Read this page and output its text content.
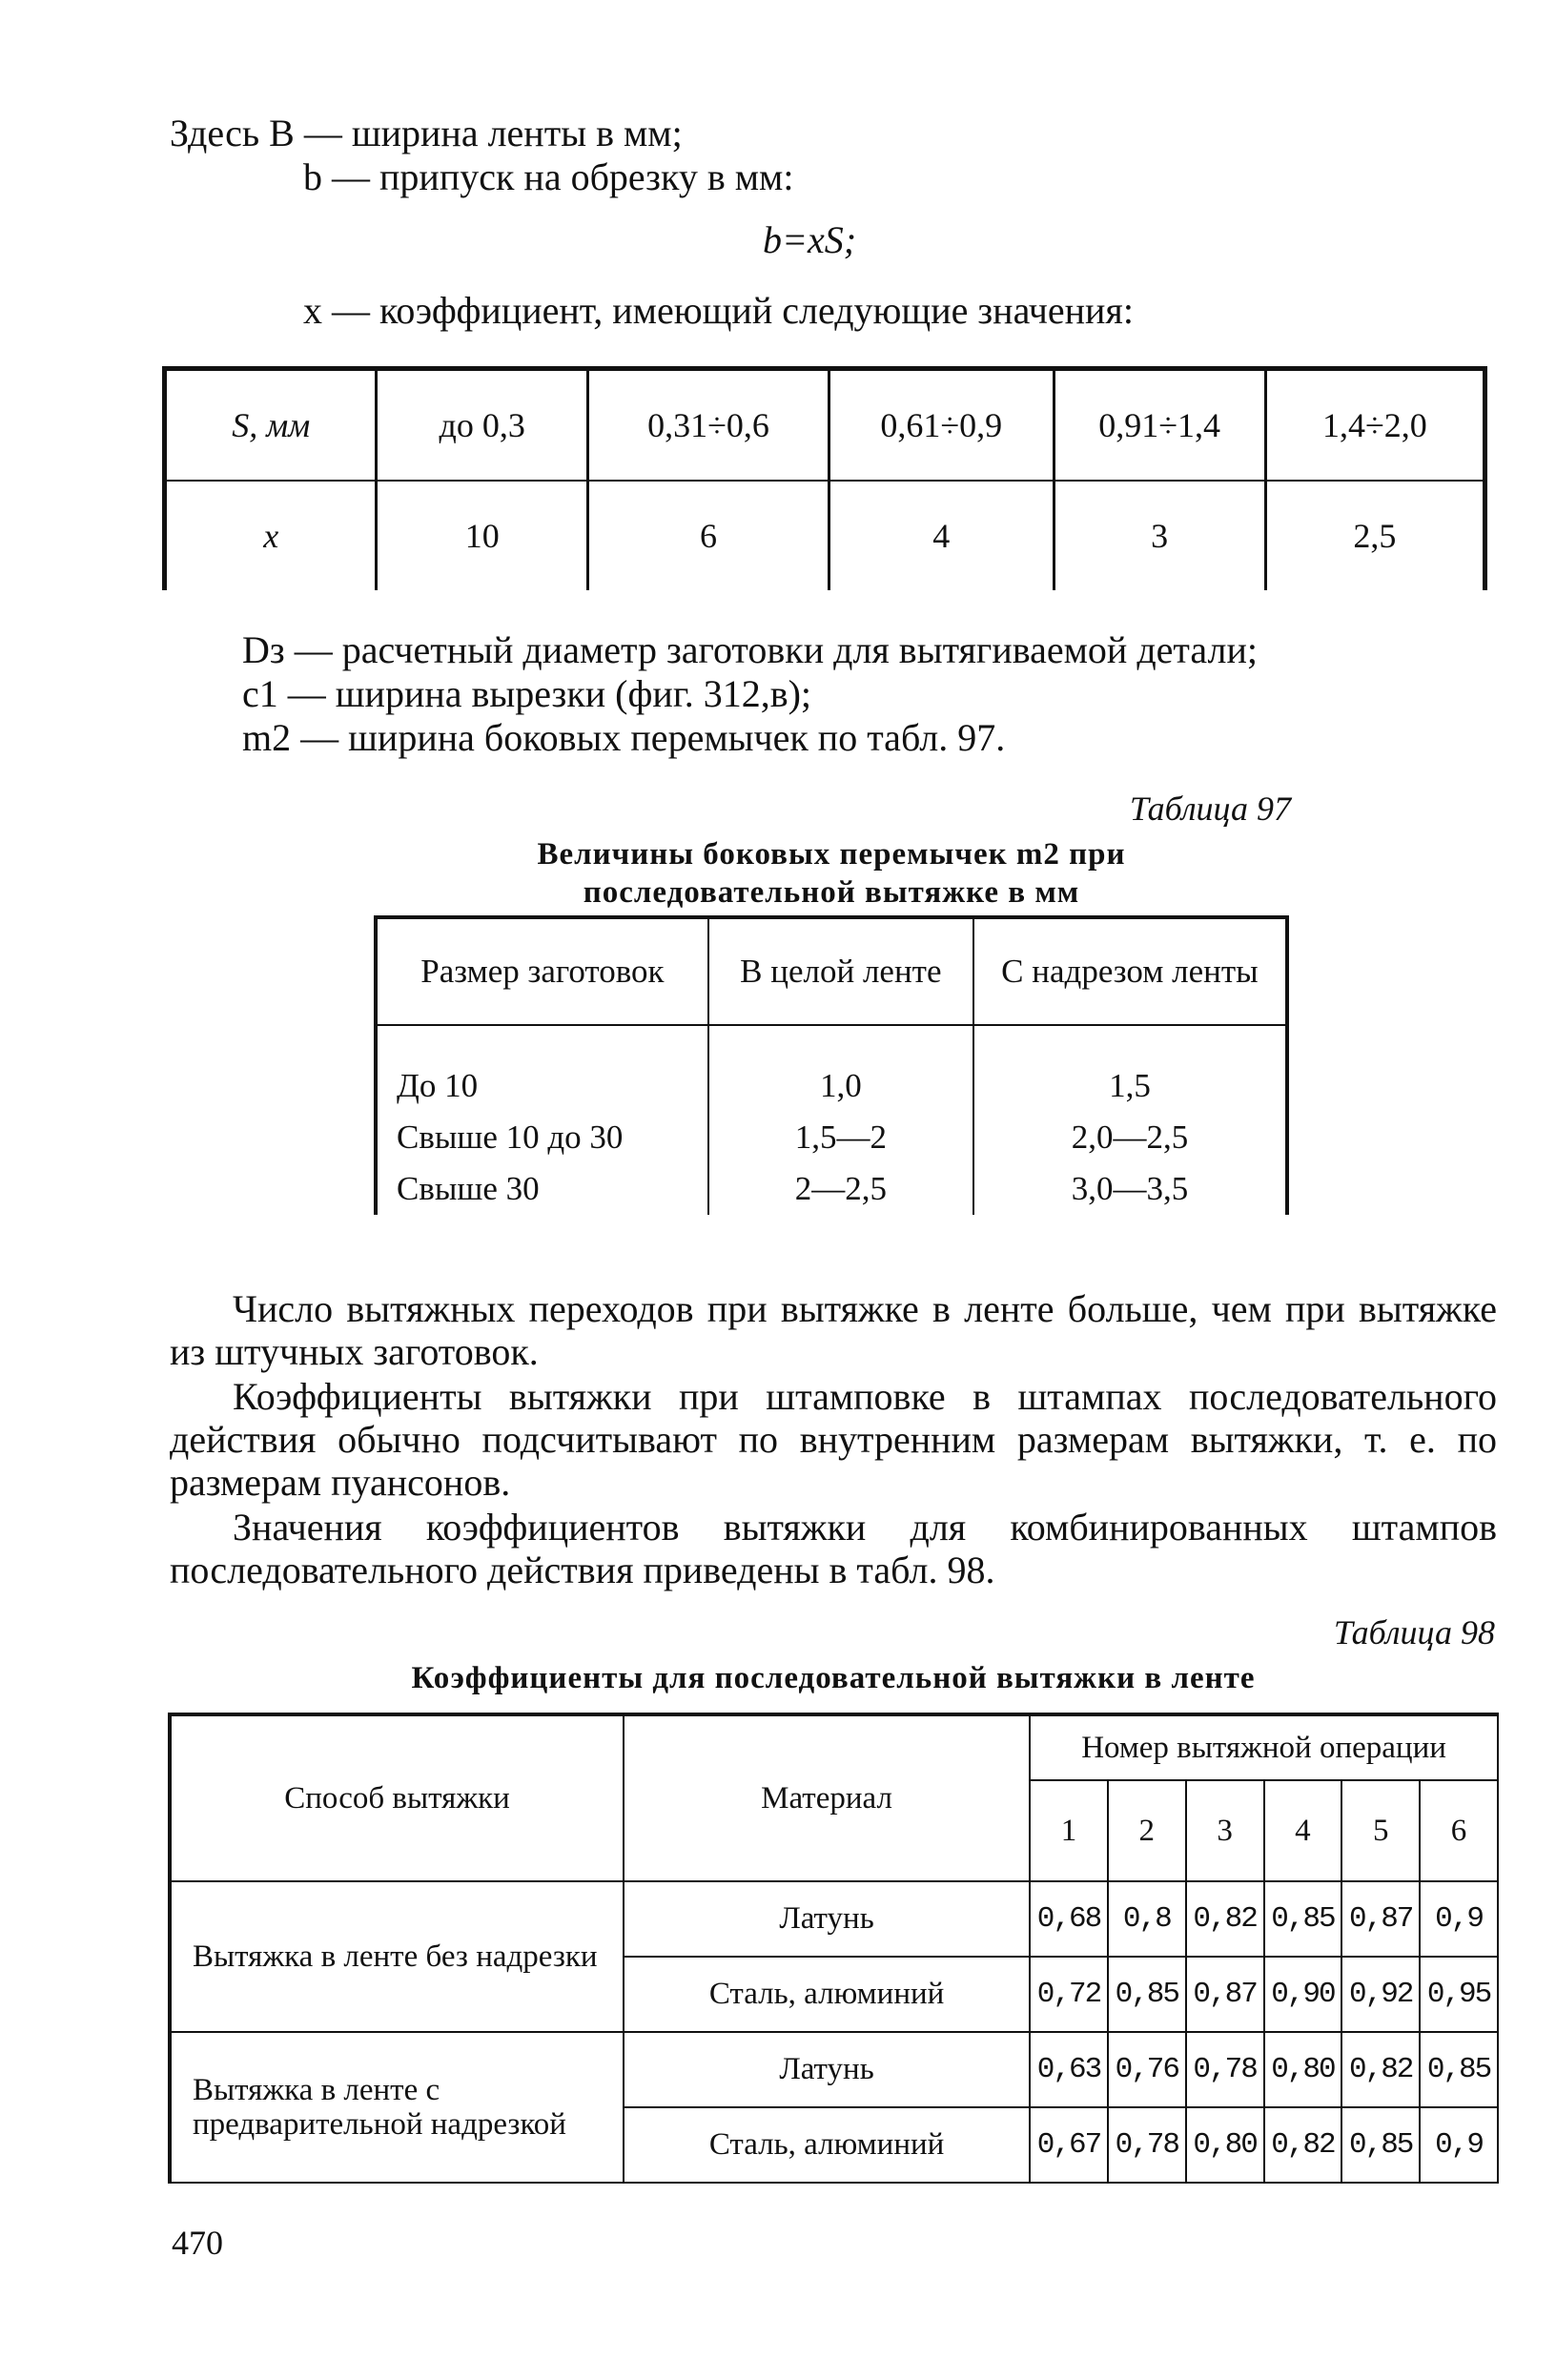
Здесь B — ширина ленты в мм;
b — припуск на обрезку в мм:
b=xS;
x — коэффициент, имеющий следующие значения:
S, мм	до 0,3	0,31÷0,6	0,61÷0,9	0,91÷1,4	1,4÷2,0
x	10	6	4	3	2,5
Dз — расчетный диаметр заготовки для вытягиваемой детали;
c1 — ширина вырезки (фиг. 312,в);
m2 — ширина боковых перемычек по табл. 97.
Таблица 97
Величины боковых перемычек m2 при
последовательной вытяжке в мм
Размер заготовок	В целой ленте	С надрезом ленты
До 10	1,0	1,5
Свыше 10 до 30	1,5—2	2,0—2,5
Свыше 30	2—2,5	3,0—3,5
Число вытяжных переходов при вытяжке в ленте больше, чем при вытяжке из штучных заготовок.
Коэффициенты вытяжки при штамповке в штампах последовательного действия обычно подсчитывают по внутренним размерам вытяжки, т. е. по размерам пуансонов.
Значения коэффициентов вытяжки для комбинированных штампов последовательного действия приведены в табл. 98.
Таблица 98
Коэффициенты для последовательной вытяжки в ленте
Способ вытяжки	Материал	Номер вытяжной операции					
		1	2	3	4	5	6
Вытяжка в ленте без надрезки	Латунь	0,68	0,8	0,82	0,85	0,87	0,9
	Сталь, алюминий	0,72	0,85	0,87	0,90	0,92	0,95
Вытяжка в ленте с предварительной надрезкой	Латунь	0,63	0,76	0,78	0,80	0,82	0,85
	Сталь, алюминий	0,67	0,78	0,80	0,82	0,85	0,9
470
